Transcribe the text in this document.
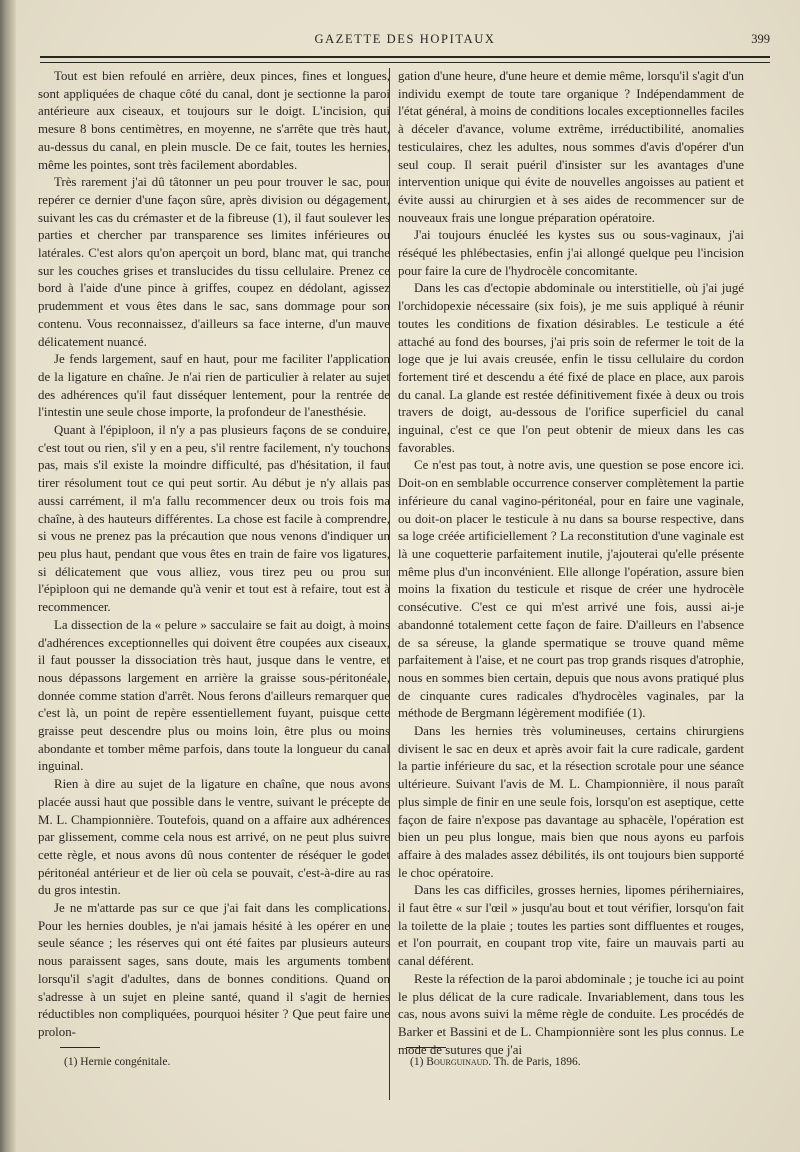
GAZETTE DES HOPITAUX	399

Tout est bien refoulé en arrière, deux pinces, fines et longues, sont appliquées de chaque côté du canal, dont je sectionne la paroi antérieure aux ciseaux, et toujours sur le doigt. L'incision, qui mesure 8 bons centimètres, en moyenne, ne s'arrête que très haut, au-dessus du canal, en plein muscle. De ce fait, toutes les hernies, même les pointes, sont très facilement abordables.

Très rarement j'ai dû tâtonner un peu pour trouver le sac, pour repérer ce dernier d'une façon sûre, après division ou dégagement, suivant les cas du crémaster et de la fibreuse (1), il faut soulever les parties et chercher par transparence ses limites inférieures ou latérales. C'est alors qu'on aperçoit un bord, blanc mat, qui tranche sur les couches grises et translucides du tissu cellulaire. Prenez ce bord à l'aide d'une pince à griffes, coupez en dédolant, agissez prudemment et vous êtes dans le sac, sans dommage pour son contenu. Vous reconnaissez, d'ailleurs sa face interne, d'un mauve délicatement nuancé.

Je fends largement, sauf en haut, pour me faciliter l'application de la ligature en chaîne. Je n'ai rien de particulier à relater au sujet des adhérences qu'il faut disséquer lentement, pour la rentrée de l'intestin une seule chose importe, la profondeur de l'anesthésie.

Quant à l'épiploon, il n'y a pas plusieurs façons de se conduire, c'est tout ou rien, s'il y en a peu, s'il rentre facilement, n'y touchons pas, mais s'il existe la moindre difficulté, pas d'hésitation, il faut tirer résolument tout ce qui peut sortir. Au début je n'y allais pas aussi carrément, il m'a fallu recommencer deux ou trois fois ma chaîne, à des hauteurs différentes. La chose est facile à comprendre, si vous ne prenez pas la précaution que nous venons d'indiquer un peu plus haut, pendant que vous êtes en train de faire vos ligatures, si délicatement que vous alliez, vous tirez peu ou prou sur l'épiploon qui ne demande qu'à venir et tout est à refaire, tout est à recommencer.

La dissection de la « pelure » sacculaire se fait au doigt, à moins d'adhérences exceptionnelles qui doivent être coupées aux ciseaux, il faut pousser la dissociation très haut, jusque dans le ventre, et nous dépassons largement en arrière la graisse sous-péritonéale, donnée comme station d'arrêt. Nous ferons d'ailleurs remarquer que c'est là, un point de repère essentiellement fuyant, puisque cette graisse peut descendre plus ou moins loin, être plus ou moins abondante et tomber même parfois, dans toute la longueur du canal inguinal.

Rien à dire au sujet de la ligature en chaîne, que nous avons placée aussi haut que possible dans le ventre, suivant le précepte de M. L. Championnière. Toutefois, quand on a affaire aux adhérences par glissement, comme cela nous est arrivé, on ne peut plus suivre cette règle, et nous avons dû nous contenter de réséquer le godet péritonéal antérieur et de lier où cela se pouvait, c'est-à-dire au ras du gros intestin.

Je ne m'attarde pas sur ce que j'ai fait dans les complications. Pour les hernies doubles, je n'ai jamais hésité à les opérer en une seule séance ; les réserves qui ont été faites par plusieurs auteurs nous paraissent sages, sans doute, mais les arguments tombent lorsqu'il s'agit d'adultes, dans de bonnes conditions. Quand on s'adresse à un sujet en pleine santé, quand il s'agit de hernies réductibles non compliquées, pourquoi hésiter ? Que peut faire une prolon-

gation d'une heure, d'une heure et demie même, lorsqu'il s'agit d'un individu exempt de toute tare organique ? Indépendamment de l'état général, à moins de conditions locales exceptionnelles faciles à déceler d'avance, volume extrême, irréductibilité, anomalies testiculaires, chez les adultes, nous sommes d'avis d'opérer d'un seul coup. Il serait puéril d'insister sur les avantages d'une intervention unique qui évite de nouvelles angoisses au patient et évite aussi au chirurgien et à ses aides de recommencer sur de nouveaux frais une longue préparation opératoire.

J'ai toujours énucléé les kystes sus ou sous-vaginaux, j'ai réséqué les phlébectasies, enfin j'ai allongé quelque peu l'incision pour faire la cure de l'hydrocèle concomitante.

Dans les cas d'ectopie abdominale ou interstitielle, où j'ai jugé l'orchidopexie nécessaire (six fois), je me suis appliqué à réunir toutes les conditions de fixation désirables. Le testicule a été attaché au fond des bourses, j'ai pris soin de refermer le toit de la loge que je lui avais creusée, enfin le tissu cellulaire du cordon fortement tiré et descendu a été fixé de place en place, aux parois du canal. La glande est restée définitivement fixée à deux ou trois travers de doigt, au-dessous de l'orifice superficiel du canal inguinal, c'est ce que l'on peut obtenir de mieux dans les cas favorables.

Ce n'est pas tout, à notre avis, une question se pose encore ici. Doit-on en semblable occurrence conserver complètement la partie inférieure du canal vagino-péritonéal, pour en faire une vaginale, ou doit-on placer le testicule à nu dans sa bourse respective, dans sa loge créée artificiellement ? La reconstitution d'une vaginale est là une coquetterie parfaitement inutile, j'ajouterai qu'elle présente même plus d'un inconvénient. Elle allonge l'opération, assure bien moins la fixation du testicule et risque de créer une hydrocèle consécutive. C'est ce qui m'est arrivé une fois, aussi ai-je abandonné totalement cette façon de faire. D'ailleurs en l'absence de sa séreuse, la glande spermatique se trouve quand même parfaitement à l'aise, et ne court pas trop grands risques d'atrophie, nous en sommes bien certain, depuis que nous avons pratiqué plus de cinquante cures radicales d'hydrocèles vaginales, par la méthode de Bergmann légèrement modifiée (1).

Dans les hernies très volumineuses, certains chirurgiens divisent le sac en deux et après avoir fait la cure radicale, gardent la partie inférieure du sac, et la résection scrotale pour une séance ultérieure. Suivant l'avis de M. L. Championnière, il nous paraît plus simple de finir en une seule fois, lorsqu'on est aseptique, cette façon de faire n'expose pas davantage au sphacèle, l'opération est bien un peu plus longue, mais bien que nous ayons eu parfois affaire à des malades assez débilités, ils ont toujours bien supporté le choc opératoire.

Dans les cas difficiles, grosses hernies, lipomes périherniaires, il faut être « sur l'œil » jusqu'au bout et tout vérifier, lorsqu'on fait la toilette de la plaie ; toutes les parties sont diffluentes et rouges, et l'on pourrait, en coupant trop vite, faire un mauvais parti au canal déférent.

Reste la réfection de la paroi abdominale ; je touche ici au point le plus délicat de la cure radicale. Invariablement, dans tous les cas, nous avons suivi la même règle de conduite. Les procédés de Barker et Bassini et de L. Championnière sont les plus connus. Le mode de sutures que j'ai

(1) Hernie congénitale.	(1) Bourguinaud. Th. de Paris, 1896.
